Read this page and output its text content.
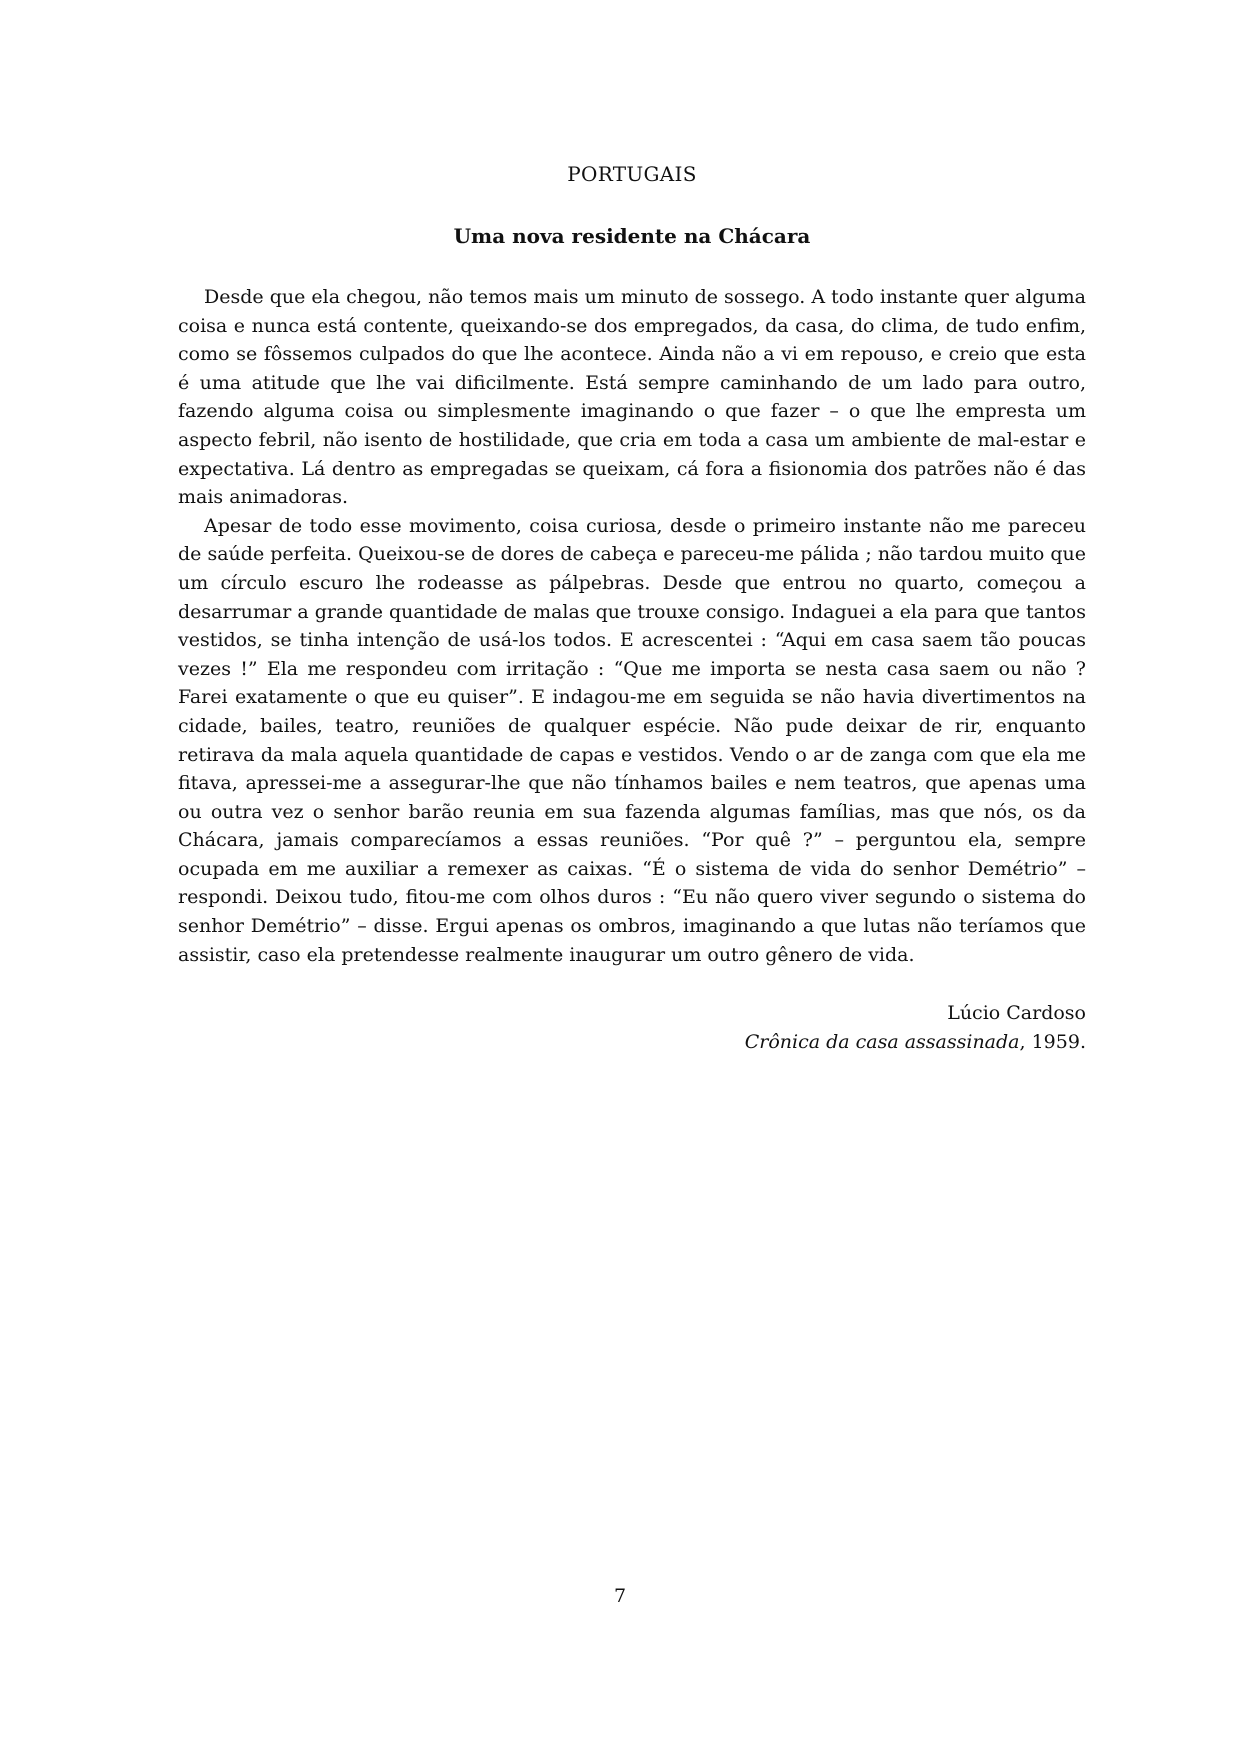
PORTUGAIS

Uma nova residente na Chácara

Desde que ela chegou, não temos mais um minuto de sossego. A todo instante quer alguma coisa e nunca está contente, queixando-se dos empregados, da casa, do clima, de tudo enfim, como se fôssemos culpados do que lhe acontece. Ainda não a vi em repouso, e creio que esta é uma atitude que lhe vai dificilmente. Está sempre caminhando de um lado para outro, fazendo alguma coisa ou simplesmente imaginando o que fazer – o que lhe empresta um aspecto febril, não isento de hostilidade, que cria em toda a casa um ambiente de mal-estar e expectativa. Lá dentro as empregadas se queixam, cá fora a fisionomia dos patrões não é das mais animadoras.

Apesar de todo esse movimento, coisa curiosa, desde o primeiro instante não me pareceu de saúde perfeita. Queixou-se de dores de cabeça e pareceu-me pálida ; não tardou muito que um círculo escuro lhe rodeasse as pálpebras. Desde que entrou no quarto, começou a desarrumar a grande quantidade de malas que trouxe consigo. Indaguei a ela para que tantos vestidos, se tinha intenção de usá-los todos. E acrescentei : “Aqui em casa saem tão poucas vezes !” Ela me respondeu com irritação : “Que me importa se nesta casa saem ou não ? Farei exatamente o que eu quiser”. E indagou-me em seguida se não havia divertimentos na cidade, bailes, teatro, reuniões de qualquer espécie. Não pude deixar de rir, enquanto retirava da mala aquela quantidade de capas e vestidos. Vendo o ar de zanga com que ela me fitava, apressei-me a assegurar-lhe que não tínhamos bailes e nem teatros, que apenas uma ou outra vez o senhor barão reunia em sua fazenda algumas famílias, mas que nós, os da Chácara, jamais comparecíamos a essas reuniões. “Por quê ?” – perguntou ela, sempre ocupada em me auxiliar a remexer as caixas. “É o sistema de vida do senhor Demétrio” – respondi. Deixou tudo, fitou-me com olhos duros : “Eu não quero viver segundo o sistema do senhor Demétrio” – disse. Ergui apenas os ombros, imaginando a que lutas não teríamos que assistir, caso ela pretendesse realmente inaugurar um outro gênero de vida.

Lúcio Cardoso
Crônica da casa assassinada, 1959.
7
